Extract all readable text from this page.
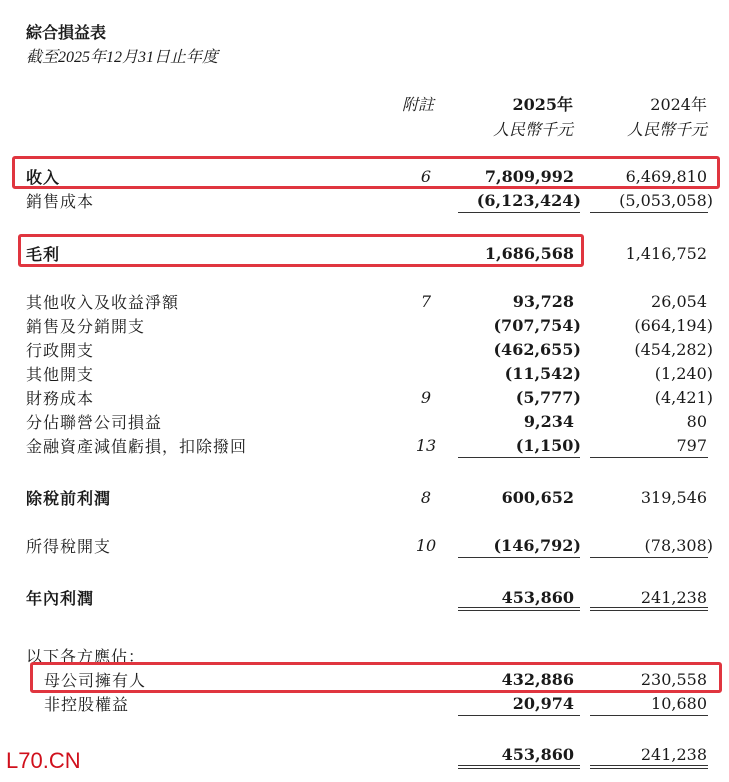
綜合損益表
截至2025年12月31日止年度
附註	2025年	2024年
人民幣千元	人民幣千元
收入	6	7,809,992	6,469,810
銷售成本	(6,123,424) (5,053,058)
毛利	1,686,568	1,416,752
其他收入及收益淨額	7	93,728	26,054
銷售及分銷開支	(707,754)	(664,194)
行政開支	(462,655)	(454,282)
其他開支	(11,542)	(1,240)
財務成本	9	(5,777)	(4,421)
分佔聯營公司損益	9,234	80
金融資產減值虧損，扣除撥回	13	(1,150)	797
除稅前利潤	8	600,652	319,546
所得稅開支	10	(146,792)	(78,308)
年內利潤	453,860	241,238
以下各方應佔：
母公司擁有人	432,886	230,558
非控股權益	20,974	10,680
453,860	241,238
L70.CN
